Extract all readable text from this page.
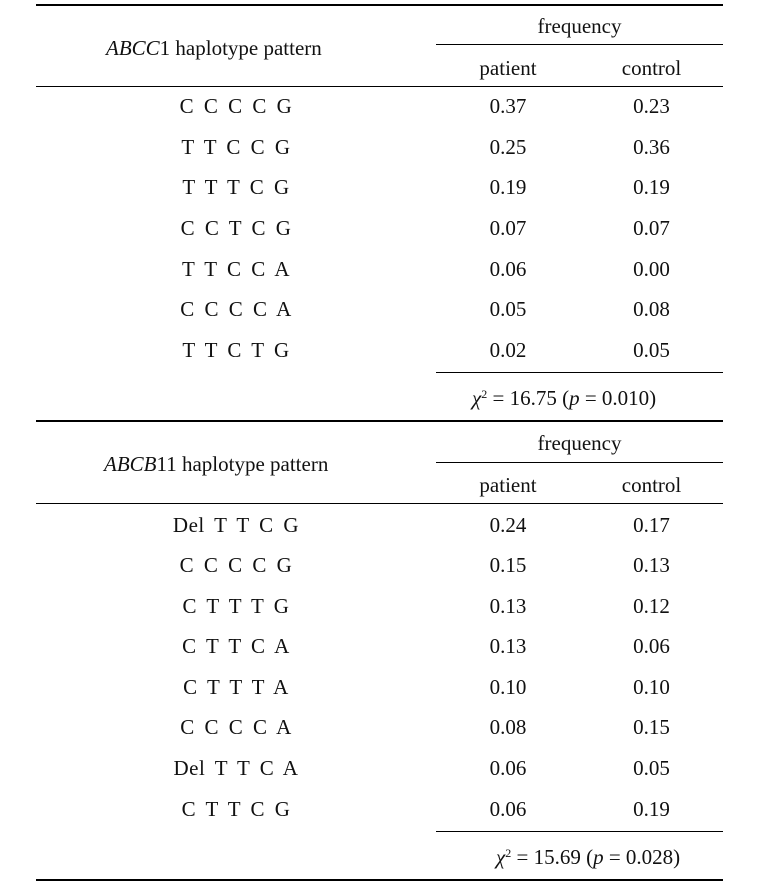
ABCC1 haplotype pattern
frequency
patient	control
C C C C G	0.37	0.23
T T C C G	0.25	0.36
T T T C G	0.19	0.19
C C T C G	0.07	0.07
T T C C A	0.06	0.00
C C C C A	0.05	0.08
T T C T G	0.02	0.05
$\chi^2 = 16.75$ (p = 0.010)
ABCB11 haplotype pattern
frequency
patient	control
Del T T C G	0.24	0.17
C C C C G	0.15	0.13
C T T T G	0.13	0.12
C T T C A	0.13	0.06
C T T T A	0.10	0.10
C C C C A	0.08	0.15
Del T T C A	0.06	0.05
C T T C G	0.06	0.19
$\chi^2 = 15.69$ (p = 0.028)
